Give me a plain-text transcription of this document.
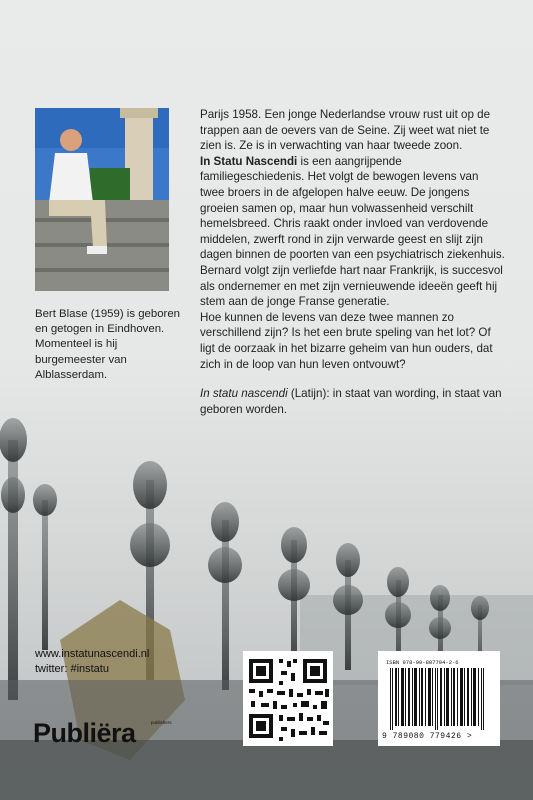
Bert Blase (1959) is geboren en getogen in Eindhoven. Momenteel is hij burgemeester van Alblasserdam.

Parijs 1958. Een jonge Nederlandse vrouw rust uit op de trappen aan de oevers van de Seine. Zij weet wat niet te zien is. Ze is in verwachting van haar tweede zoon.

In Statu Nascendi is een aangrijpende familiegeschiedenis. Het volgt de bewogen levens van twee broers in de afgelopen halve eeuw. De jongens groeien samen op, maar hun volwassenheid verschilt hemelsbreed. Chris raakt onder invloed van verdovende middelen, zwerft rond in zijn verwarde geest en slijt zijn dagen binnen de poorten van een psychiatrisch ziekenhuis. Bernard volgt zijn verliefde hart naar Frankrijk, is succesvol als ondernemer en met zijn vernieuwende ideeën geeft hij stem aan de jonge Franse generatie.

Hoe kunnen de levens van deze twee mannen zo verschillend zijn? Is het een brute speling van het lot? Of ligt de oorzaak in het bizarre geheim van hun ouders, dat zich in de loop van hun leven ontvouwt?

In statu nascendi (Latijn): in staat van wording, in staat van geboren worden.

www.instatunascendi.nl
twitter: #instatu
Publiëra	publishers
ISBN 978-90-807794-2-6
9 789080 779426 >
